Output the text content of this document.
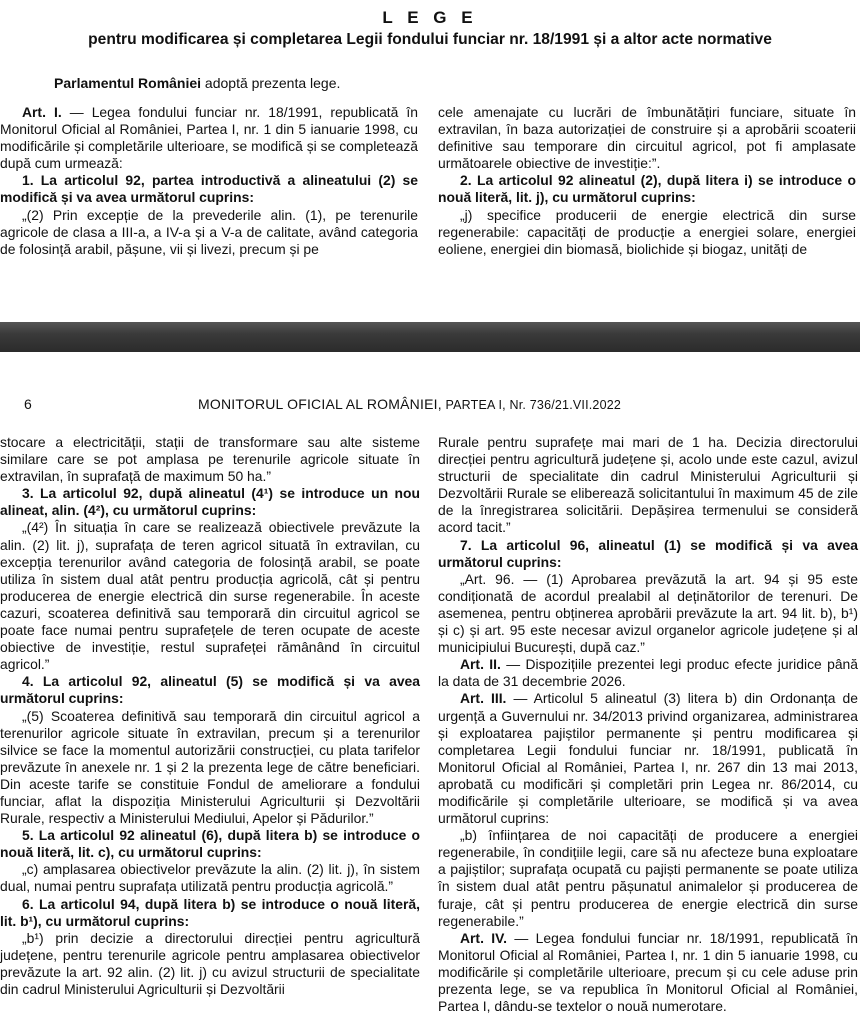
L E G E
pentru modificarea și completarea Legii fondului funciar nr. 18/1991 și a altor acte normative
Parlamentul României adoptă prezenta lege.

Art. I. — Legea fondului funciar nr. 18/1991, republicată în Monitorul Oficial al României, Partea I, nr. 1 din 5 ianuarie 1998, cu modificările și completările ulterioare, se modifică și se completează după cum urmează:

1. La articolul 92, partea introductivă a alineatului (2) se modifică și va avea următorul cuprins:

„(2) Prin excepție de la prevederile alin. (1), pe terenurile agricole de clasa a III-a, a IV-a și a V-a de calitate, având categoria de folosință arabil, pășune, vii și livezi, precum și pe

cele amenajate cu lucrări de îmbunătățiri funciare, situate în extravilan, în baza autorizației de construire și a aprobării scoaterii definitive sau temporare din circuitul agricol, pot fi amplasate următoarele obiective de investiție:”.

2. La articolul 92 alineatul (2), după litera i) se introduce o nouă literă, lit. j), cu următorul cuprins:

„j) specifice producerii de energie electrică din surse regenerabile: capacități de producție a energiei solare, energiei eoliene, energiei din biomasă, biolichide și biogaz, unități de

6	MONITORUL OFICIAL AL ROMÂNIEI, PARTEA I, Nr. 736/21.VII.2022

stocare a electricității, stații de transformare sau alte sisteme similare care se pot amplasa pe terenurile agricole situate în extravilan, în suprafață de maximum 50 ha.”

3. La articolul 92, după alineatul (4¹) se introduce un nou alineat, alin. (4²), cu următorul cuprins:

„(4²) În situația în care se realizează obiectivele prevăzute la alin. (2) lit. j), suprafața de teren agricol situată în extravilan, cu excepția terenurilor având categoria de folosință arabil, se poate utiliza în sistem dual atât pentru producția agricolă, cât și pentru producerea de energie electrică din surse regenerabile. În aceste cazuri, scoaterea definitivă sau temporară din circuitul agricol se poate face numai pentru suprafețele de teren ocupate de aceste obiective de investiție, restul suprafeței rămânând în circuitul agricol.”

4. La articolul 92, alineatul (5) se modifică și va avea următorul cuprins:

„(5) Scoaterea definitivă sau temporară din circuitul agricol a terenurilor agricole situate în extravilan, precum și a terenurilor silvice se face la momentul autorizării construcției, cu plata tarifelor prevăzute în anexele nr. 1 și 2 la prezenta lege de către beneficiari. Din aceste tarife se constituie Fondul de ameliorare a fondului funciar, aflat la dispoziția Ministerului Agriculturii și Dezvoltării Rurale, respectiv a Ministerului Mediului, Apelor și Pădurilor.”

5. La articolul 92 alineatul (6), după litera b) se introduce o nouă literă, lit. c), cu următorul cuprins:

„c) amplasarea obiectivelor prevăzute la alin. (2) lit. j), în sistem dual, numai pentru suprafața utilizată pentru producția agricolă.”

6. La articolul 94, după litera b) se introduce o nouă literă, lit. b¹), cu următorul cuprins:

„b¹) prin decizie a directorului direcției pentru agricultură județene, pentru terenurile agricole pentru amplasarea obiectivelor prevăzute la art. 92 alin. (2) lit. j) cu avizul structurii de specialitate din cadrul Ministerului Agriculturii și Dezvoltării

Rurale pentru suprafețe mai mari de 1 ha. Decizia directorului direcției pentru agricultură județene și, acolo unde este cazul, avizul structurii de specialitate din cadrul Ministerului Agriculturii și Dezvoltării Rurale se eliberează solicitantului în maximum 45 de zile de la înregistrarea solicitării. Depășirea termenului se consideră acord tacit.”

7. La articolul 96, alineatul (1) se modifică și va avea următorul cuprins:

„Art. 96. — (1) Aprobarea prevăzută la art. 94 și 95 este condiționată de acordul prealabil al deținătorilor de terenuri. De asemenea, pentru obținerea aprobării prevăzute la art. 94 lit. b), b¹) și c) și art. 95 este necesar avizul organelor agricole județene și al municipiului București, după caz.”

Art. II. — Dispozițiile prezentei legi produc efecte juridice până la data de 31 decembrie 2026.

Art. III. — Articolul 5 alineatul (3) litera b) din Ordonanța de urgență a Guvernului nr. 34/2013 privind organizarea, administrarea și exploatarea pajiștilor permanente și pentru modificarea și completarea Legii fondului funciar nr. 18/1991, publicată în Monitorul Oficial al României, Partea I, nr. 267 din 13 mai 2013, aprobată cu modificări și completări prin Legea nr. 86/2014, cu modificările și completările ulterioare, se modifică și va avea următorul cuprins:

„b) înființarea de noi capacități de producere a energiei regenerabile, în condițiile legii, care să nu afecteze buna exploatare a pajiștilor; suprafața ocupată cu pajiști permanente se poate utiliza în sistem dual atât pentru pășunatul animalelor și producerea de furaje, cât și pentru producerea de energie electrică din surse regenerabile.”

Art. IV. — Legea fondului funciar nr. 18/1991, republicată în Monitorul Oficial al României, Partea I, nr. 1 din 5 ianuarie 1998, cu modificările și completările ulterioare, precum și cu cele aduse prin prezenta lege, se va republica în Monitorul Oficial al României, Partea I, dându-se textelor o nouă numerotare.
